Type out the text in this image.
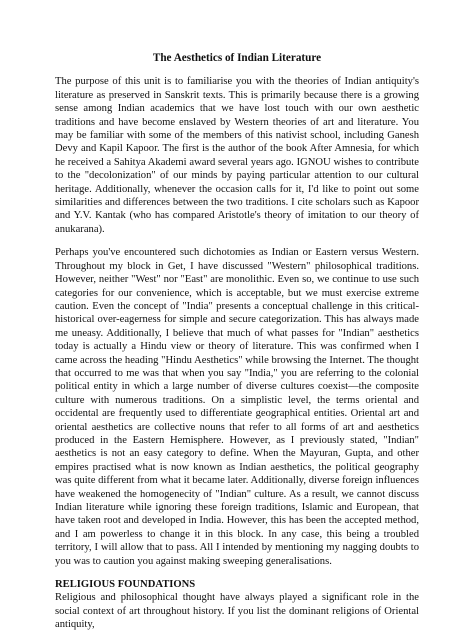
The Aesthetics of Indian Literature

The purpose of this unit is to familiarise you with the theories of Indian antiquity's literature as preserved in Sanskrit texts. This is primarily because there is a growing sense among Indian academics that we have lost touch with our own aesthetic traditions and have become enslaved by Western theories of art and literature. You may be familiar with some of the members of this nativist school, including Ganesh Devy and Kapil Kapoor. The first is the author of the book After Amnesia, for which he received a Sahitya Akademi award several years ago. IGNOU wishes to contribute to the "decolonization" of our minds by paying particular attention to our cultural heritage. Additionally, whenever the occasion calls for it, I'd like to point out some similarities and differences between the two traditions. I cite scholars such as Kapoor and Y.V. Kantak (who has compared Aristotle's theory of imitation to our theory of anukarana).

Perhaps you've encountered such dichotomies as Indian or Eastern versus Western. Throughout my block in Get, I have discussed "Western" philosophical traditions. However, neither "West" nor "East" are monolithic. Even so, we continue to use such categories for our convenience, which is acceptable, but we must exercise extreme caution. Even the concept of "India" presents a conceptual challenge in this critical-historical over-eagerness for simple and secure categorization. This has always made me uneasy. Additionally, I believe that much of what passes for "Indian" aesthetics today is actually a Hindu view or theory of literature. This was confirmed when I came across the heading "Hindu Aesthetics" while browsing the Internet. The thought that occurred to me was that when you say "India," you are referring to the colonial political entity in which a large number of diverse cultures coexist—the composite culture with numerous traditions. On a simplistic level, the terms oriental and occidental are frequently used to differentiate geographical entities. Oriental art and oriental aesthetics are collective nouns that refer to all forms of art and aesthetics produced in the Eastern Hemisphere. However, as I previously stated, "Indian" aesthetics is not an easy category to define. When the Mayuran, Gupta, and other empires practised what is now known as Indian aesthetics, the political geography was quite different from what it became later. Additionally, diverse foreign influences have weakened the homogenecity of "Indian" culture. As a result, we cannot discuss Indian literature while ignoring these foreign traditions, Islamic and European, that have taken root and developed in India. However, this has been the accepted method, and I am powerless to change it in this block. In any case, this being a troubled territory, I will allow that to pass. All I intended by mentioning my nagging doubts to you was to caution you against making sweeping generalisations.

RELIGIOUS FOUNDATIONS

Religious and philosophical thought have always played a significant role in the social context of art throughout history. If you list the dominant religions of Oriental antiquity,
